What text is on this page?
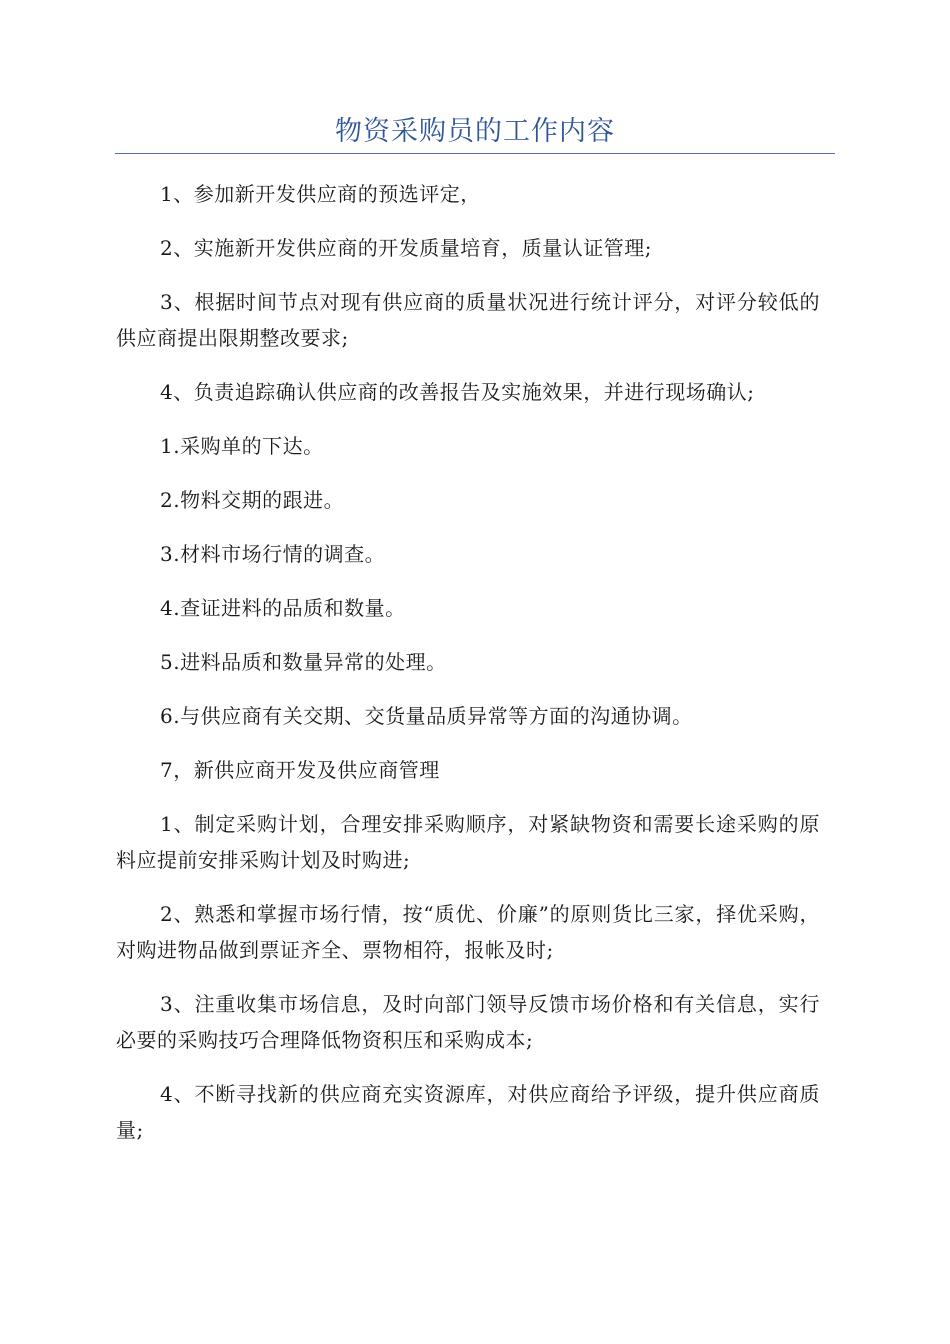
物资采购员的工作内容

1、参加新开发供应商的预选评定，

2、实施新开发供应商的开发质量培育，质量认证管理;

3、根据时间节点对现有供应商的质量状况进行统计评分，对评分较低的供应商提出限期整改要求;

4、负责追踪确认供应商的改善报告及实施效果，并进行现场确认;

1.采购单的下达。

2.物料交期的跟进。

3.材料市场行情的调查。

4.查证进料的品质和数量。

5.进料品质和数量异常的处理。

6.与供应商有关交期、交货量品质异常等方面的沟通协调。

7，新供应商开发及供应商管理

1、制定采购计划，合理安排采购顺序，对紧缺物资和需要长途采购的原料应提前安排采购计划及时购进;

2、熟悉和掌握市场行情，按“质优、价廉”的原则货比三家，择优采购，对购进物品做到票证齐全、票物相符，报帐及时;

3、注重收集市场信息，及时向部门领导反馈市场价格和有关信息，实行必要的采购技巧合理降低物资积压和采购成本;

4、不断寻找新的供应商充实资源库，对供应商给予评级，提升供应商质量;
